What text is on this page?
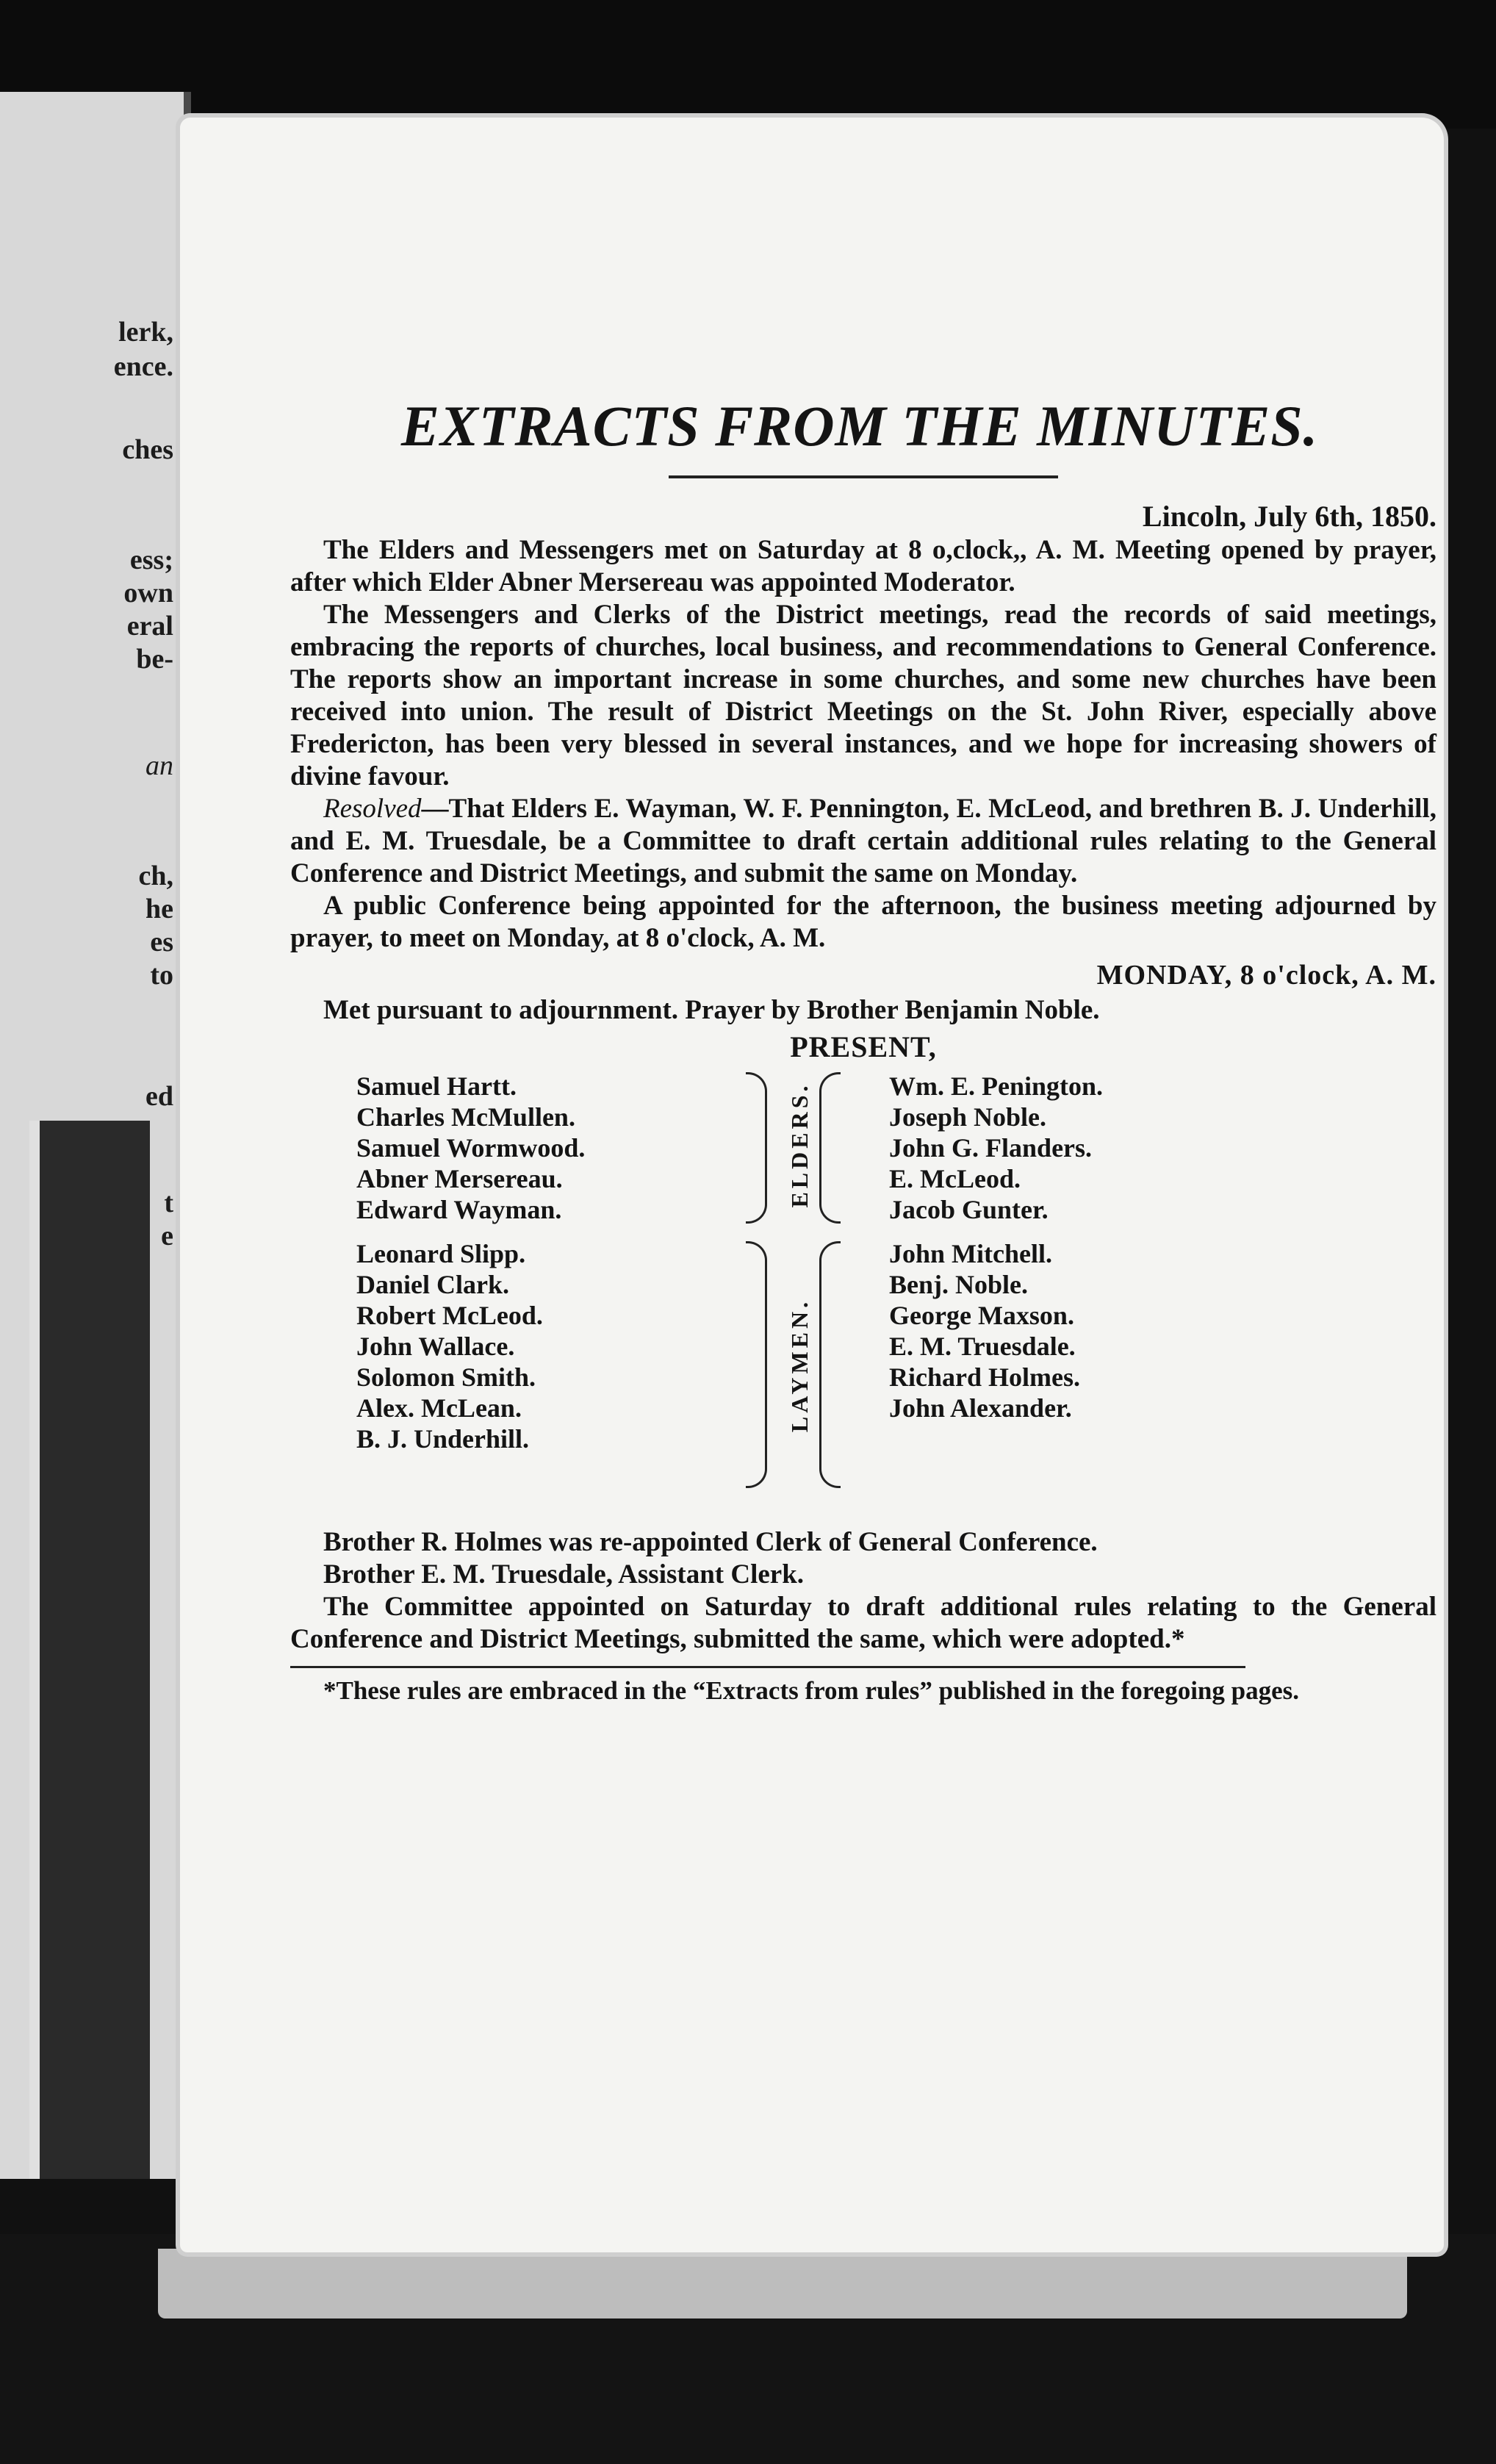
lerk,
ence.
ches
ess;
own
eral
be-
an
ch,
he
es
to
ed
t
e
EXTRACTS FROM THE MINUTES.
Lincoln, July 6th, 1850.

The Elders and Messengers met on Saturday at 8 o,clock,, A. M. Meeting opened by prayer, after which Elder Abner Mersereau was appointed Moderator.

The Messengers and Clerks of the District meetings, read the records of said meetings, embracing the reports of churches, local business, and recommendations to General Conference. The reports show an important increase in some churches, and some new churches have been received into union. The result of District Meetings on the St. John River, especially above Fredericton, has been very blessed in several instances, and we hope for increasing showers of divine favour.

Resolved—That Elders E. Wayman, W. F. Pennington, E. McLeod, and brethren B. J. Underhill, and E. M. Truesdale, be a Committee to draft certain additional rules relating to the General Conference and District Meetings, and submit the same on Monday.

A public Conference being appointed for the afternoon, the business meeting adjourned by prayer, to meet on Monday, at 8 o'clock, A. M.

MONDAY, 8 o'clock, A. M.

Met pursuant to adjournment. Prayer by Brother Benjamin Noble.

PRESENT,
Samuel Hartt.
Charles McMullen.
Samuel Wormwood.
Abner Mersereau.
Edward Wayman.
Leonard Slipp.
Daniel Clark.
Robert McLeod.
John Wallace.
Solomon Smith.
Alex. McLean.
B. J. Underhill.
ELDERS.
LAYMEN.
Wm. E. Penington.
Joseph Noble.
John G. Flanders.
E. McLeod.
Jacob Gunter.
John Mitchell.
Benj. Noble.
George Maxson.
E. M. Truesdale.
Richard Holmes.
John Alexander.

Brother R. Holmes was re-appointed Clerk of General Conference.

Brother E. M. Truesdale, Assistant Clerk.

The Committee appointed on Saturday to draft additional rules relating to the General Conference and District Meetings, submitted the same, which were adopted.*

*These rules are embraced in the “Extracts from rules” published in the foregoing pages.
